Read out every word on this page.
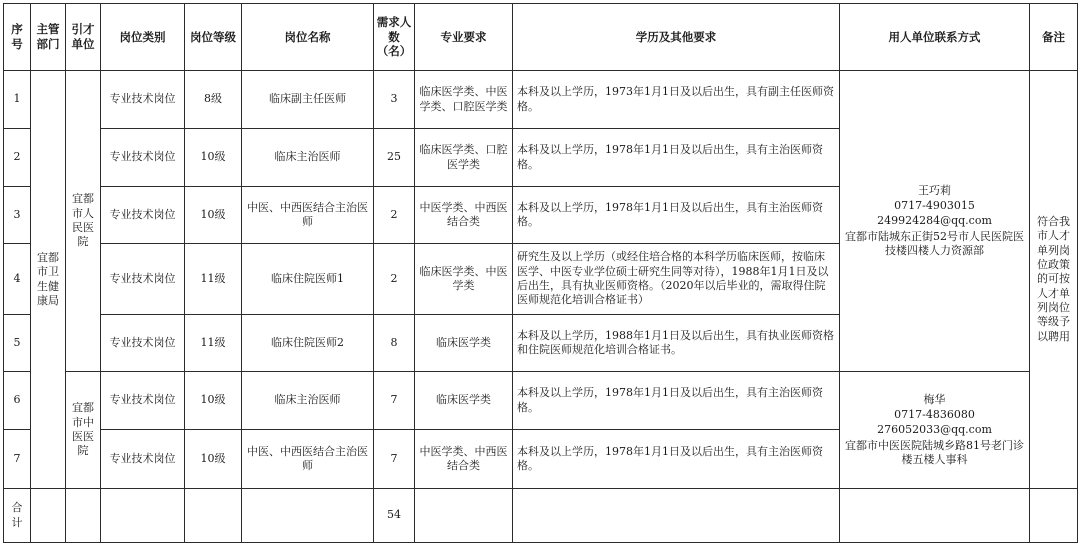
序号	主管部门	引才单位	岗位类别	岗位等级	岗位名称	需求人数（名）	专业要求	学历及其他要求	用人单位联系方式	备注
1	宜都市卫生健康局	宜都市人民医院	专业技术岗位	8级	临床副主任医师	3	临床医学类、中医学类、口腔医学类	本科及以上学历，1973年1月1日及以后出生，具有副主任医师资格。	王巧莉
0717-4903015
249924284@qq.com
宜都市陆城东正街52号市人民医院医技楼四楼人力资源部	符合我市人才单列岗位政策的可按人才单列岗位等级予以聘用
2			专业技术岗位	10级	临床主治医师	25	临床医学类、口腔医学类	本科及以上学历，1978年1月1日及以后出生，具有主治医师资格。		
3			专业技术岗位	10级	中医、中西医结合主治医师	2	中医学类、中西医结合类	本科及以上学历，1978年1月1日及以后出生，具有主治医师资格。		
4			专业技术岗位	11级	临床住院医师1	2	临床医学类、中医学类	研究生及以上学历（或经住培合格的本科学历临床医师，按临床医学、中医专业学位硕士研究生同等对待），1988年1月1日及以后出生，具有执业医师资格。（2020年以后毕业的，需取得住院医师规范化培训合格证书）		
5			专业技术岗位	11级	临床住院医师2	8	临床医学类	本科及以上学历，1988年1月1日及以后出生，具有执业医师资格和住院医师规范化培训合格证书。		
6		宜都市中医医院	专业技术岗位	10级	临床主治医师	7	临床医学类	本科及以上学历，1978年1月1日及以后出生，具有主治医师资格。	梅华
0717-4836080
276052033@qq.com
宜都市中医医院陆城乡路81号老门诊楼五楼人事科	

7			专业技术岗位	10级	中医、中西医结合主治医师	7	中医学类、中西医结合类	本科及以上学历，1978年1月1日及以后出生，具有主治医师资格。		
合计						54				
